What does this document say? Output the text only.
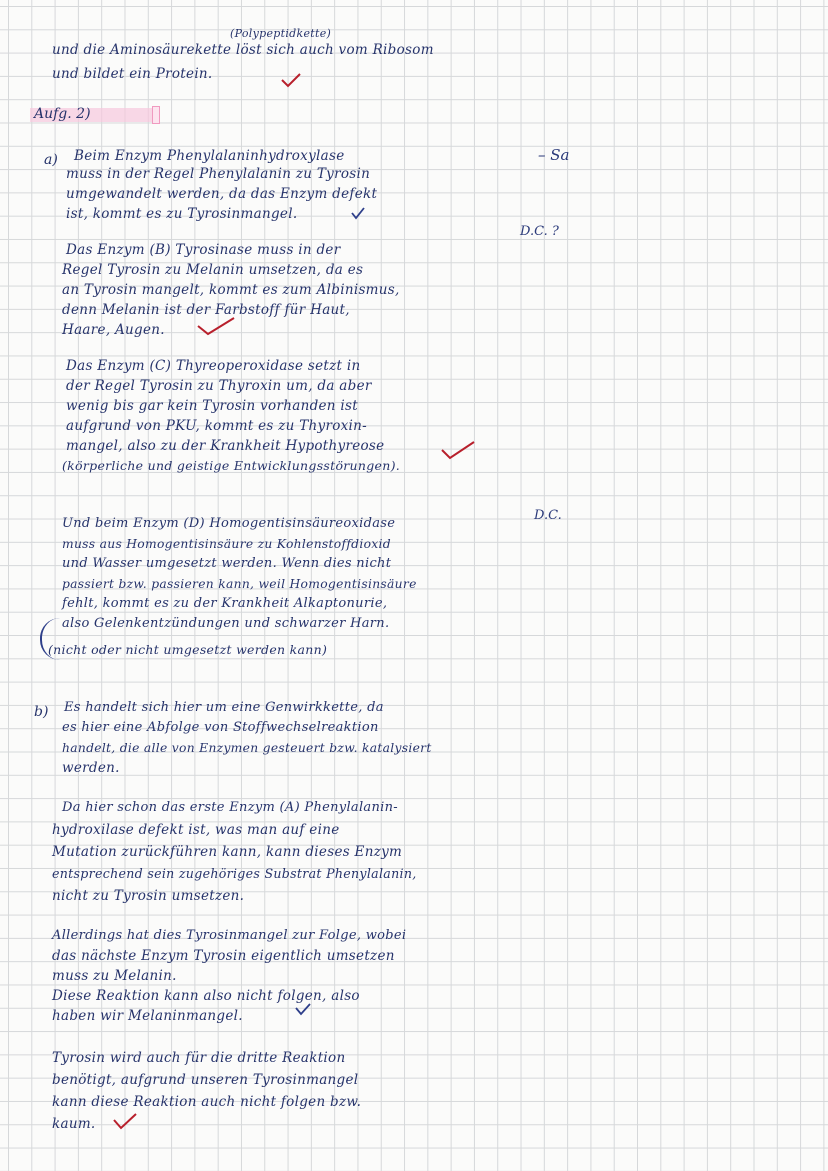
(Polypeptidkette)
und die Aminosäurekette löst sich auch vom Ribosom
und bildet ein Protein.
Aufg. 2)
a) Beim Enzym Phenylalaninhydroxylase
muss in der Regel Phenylalanin zu Tyrosin
umgewandelt werden, da das Enzym defekt
ist, kommt es zu Tyrosinmangel.
Das Enzym (B) Tyrosinase muss in der
Regel Tyrosin zu Melanin umsetzen, da es
an Tyrosin mangelt, kommt es zum Albinismus,
denn Melanin ist der Farbstoff für Haut,
Haare, Augen.
Das Enzym (C) Thyreoperoxidase setzt in
der Regel Tyrosin zu Thyroxin um, da aber
wenig bis gar kein Tyrosin vorhanden ist
aufgrund von PKU, kommt es zu Thyroxin-
mangel, also zu der Krankheit Hypothyreose
(körperliche und geistige Entwicklungsstörungen).
Und beim Enzym (D) Homogentisinsäureoxidase
muss aus Homogentisinsäure zu Kohlenstoffdioxid
und Wasser umgesetzt werden. Wenn dies nicht
passiert bzw. passieren kann, weil Homogentisinsäure
fehlt, kommt es zu der Krankheit Alkaptonurie,
also Gelenkentzündungen und schwarzer Harn.
(nicht oder nicht umgesetzt werden kann)
b) Es handelt sich hier um eine Genwirkkette, da
es hier eine Abfolge von Stoffwechselreaktion
handelt, die alle von Enzymen gesteuert bzw. katalysiert
werden.
Da hier schon das erste Enzym (A) Phenylalanin-
hydroxilase defekt ist, was man auf eine
Mutation zurückführen kann, kann dieses Enzym
entsprechend sein zugehöriges Substrat Phenylalanin,
nicht zu Tyrosin umsetzen.
Allerdings hat dies Tyrosinmangel zur Folge, wobei
das nächste Enzym Tyrosin eigentlich umsetzen
muss zu Melanin.
Diese Reaktion kann also nicht folgen, also
haben wir Melaninmangel.
Tyrosin wird auch für die dritte Reaktion
benötigt, aufgrund unseren Tyrosinmangel
kann diese Reaktion auch nicht folgen bzw.
kaum.
– Sa
D.C. ?
D.C.
